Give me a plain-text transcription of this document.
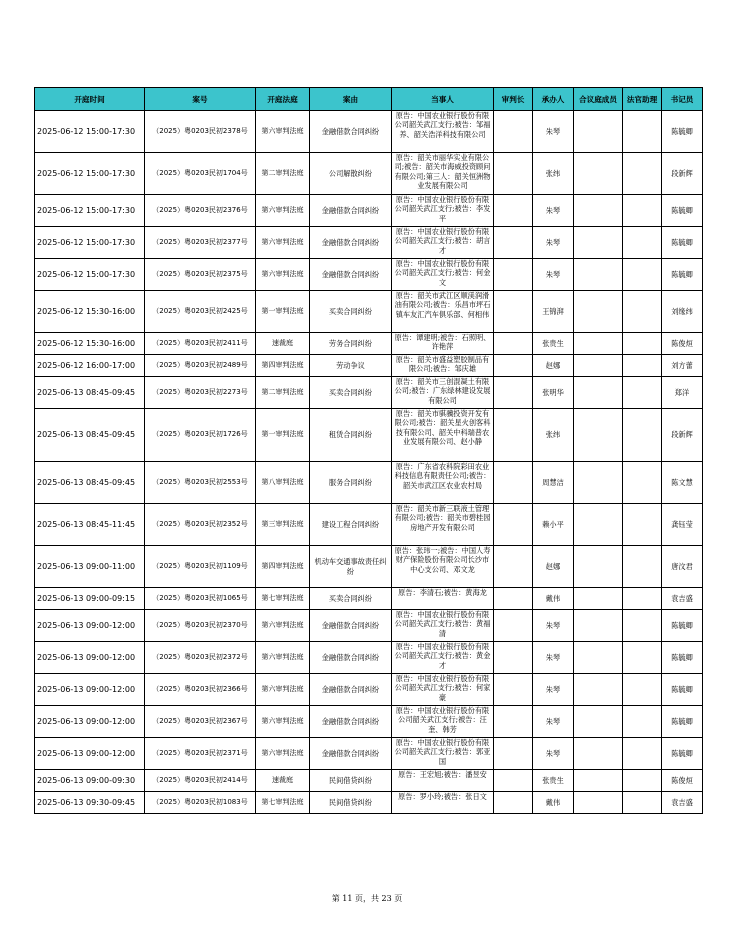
开庭时间	案号	开庭法庭	案由	当事人	审判长	承办人	合议庭成员	法官助理	书记员
2025-06-12 15:00-17:30	（2025）粤0203民初2378号	第六审判法庭	金融借款合同纠纷	原告：中国农业银行股份有限公司韶关武江支行;被告：邹福养、韶关浩洋科技有限公司		朱琴			陈毓卿
2025-06-12 15:00-17:30	（2025）粤0203民初1704号	第二审判法庭	公司解散纠纷	原告：韶关市丽华实业有限公司;被告：韶关市海威投资顾问有限公司;第三人：韶关恒洲物业发展有限公司		张纬			段新辉
2025-06-12 15:00-17:30	（2025）粤0203民初2376号	第六审判法庭	金融借款合同纠纷	原告：中国农业银行股份有限公司韶关武江支行;被告：李发平		朱琴			陈毓卿
2025-06-12 15:00-17:30	（2025）粤0203民初2377号	第六审判法庭	金融借款合同纠纷	原告：中国农业银行股份有限公司韶关武江支行;被告：胡言才		朱琴			陈毓卿
2025-06-12 15:00-17:30	（2025）粤0203民初2375号	第六审判法庭	金融借款合同纠纷	原告：中国农业银行股份有限公司韶关武江支行;被告：何金文		朱琴			陈毓卿
2025-06-12 15:30-16:00	（2025）粤0203民初2425号	第一审判法庭	买卖合同纠纷	原告：韶关市武江区顺渼润滑油有限公司;被告：乐昌市坪石镇车友汇汽车俱乐部、何相伟		王锦湃			刘缘纬
2025-06-12 15:30-16:00	（2025）粤0203民初2411号	速裁庭	劳务合同纠纷	原告：谭建明;被告：石照明、许艳萍		张贵生			陈俊烜
2025-06-12 16:00-17:00	（2025）粤0203民初2489号	第四审判法庭	劳动争议	原告：韶关市盛益塑胶制品有限公司;被告：邹庆雄		赵娜			刘方蕾
2025-06-13 08:45-09:45	（2025）粤0203民初2273号	第二审判法庭	买卖合同纠纷	原告：韶关市三创混凝土有限公司;被告：广东绿林建设发展有限公司		张明华			郑洋
2025-06-13 08:45-09:45	（2025）粤0203民初1726号	第一审判法庭	租赁合同纠纷	原告：韶关市骐骥投资开发有限公司;被告：韶关星火创客科技有限公司、韶关中科瑞普农业发展有限公司、赵小静		张纬			段新辉
2025-06-13 08:45-09:45	（2025）粤0203民初2553号	第八审判法庭	服务合同纠纷	原告：广东省农科院彩田农业科技信息有限责任公司;被告：韶关市武江区农业农村局		周慧洁			陈文慧
2025-06-13 08:45-11:45	（2025）粤0203民初2352号	第三审判法庭	建设工程合同纠纷	原告：韶关市新三联液土管理有限公司;被告：韶关市碧桂园房地产开发有限公司		赖小平			龚钰莹
2025-06-13 09:00-11:00	（2025）粤0203民初1109号	第四审判法庭	机动车交通事故责任纠纷	原告：张玮一;被告：中国人寿财产保险股份有限公司长沙市中心支公司、邓文龙		赵娜			唐汶君
2025-06-13 09:00-09:15	（2025）粤0203民初1065号	第七审判法庭	买卖合同纠纷	原告：李清石;被告：黄海龙		戴伟			袁吉盛
2025-06-13 09:00-12:00	（2025）粤0203民初2370号	第六审判法庭	金融借款合同纠纷	原告：中国农业银行股份有限公司韶关武江支行;被告：黄福清		朱琴			陈毓卿
2025-06-13 09:00-12:00	（2025）粤0203民初2372号	第六审判法庭	金融借款合同纠纷	原告：中国农业银行股份有限公司韶关武江支行;被告：黄金才		朱琴			陈毓卿
2025-06-13 09:00-12:00	（2025）粤0203民初2366号	第六审判法庭	金融借款合同纠纷	原告：中国农业银行股份有限公司韶关武江支行;被告：何家豪		朱琴			陈毓卿
2025-06-13 09:00-12:00	（2025）粤0203民初2367号	第六审判法庭	金融借款合同纠纷	原告：中国农业银行股份有限公司韶关武江支行;被告：汪奎、韩芳		朱琴			陈毓卿
2025-06-13 09:00-12:00	（2025）粤0203民初2371号	第六审判法庭	金融借款合同纠纷	原告：中国农业银行股份有限公司韶关武江支行;被告：郭亚国		朱琴			陈毓卿
2025-06-13 09:00-09:30	（2025）粤0203民初2414号	速裁庭	民间借贷纠纷	原告：王宏旭;被告：潘昱安		张贵生			陈俊烜
2025-06-13 09:30-09:45	（2025）粤0203民初1083号	第七审判法庭	民间借贷纠纷	原告：罗小玲;被告：张日文		戴伟			袁吉盛
第 11 页，共 23 页
